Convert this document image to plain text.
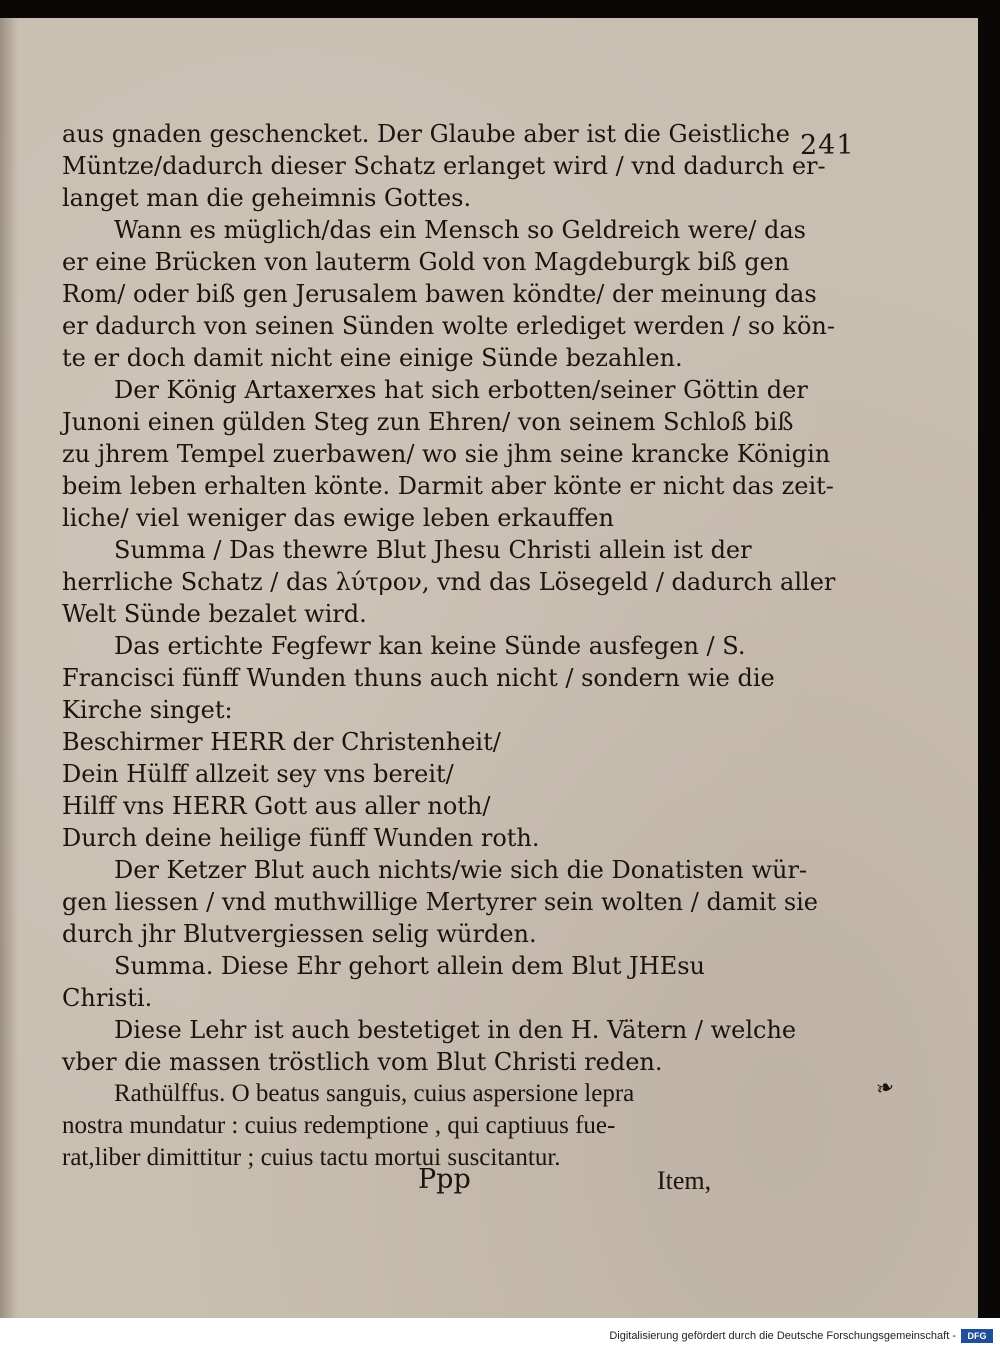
241
aus gnaden geschencket. Der Glaube aber ist die Geistliche
Müntze/dadurch dieser Schatz erlanget wird / vnd dadurch er-
langet man die geheimnis Gottes.
Wann es müglich/das ein Mensch so Geldreich were/ das
er eine Brücken von lauterm Gold von Magdeburgk biß gen
Rom/ oder biß gen Jerusalem bawen köndte/ der meinung das
er dadurch von seinen Sünden wolte erlediget werden / so kön-
te er doch damit nicht eine einige Sünde bezahlen.
Der König Artaxerxes hat sich erbotten/seiner Göttin der
Junoni einen gülden Steg zun Ehren/ von seinem Schloß biß
zu jhrem Tempel zuerbawen/ wo sie jhm seine krancke Königin
beim leben erhalten könte. Darmit aber könte er nicht das zeit-
liche/ viel weniger das ewige leben erkauffen
Summa / Das thewre Blut Jhesu Christi allein ist der
herrliche Schatz / das λύτρον, vnd das Lösegeld / dadurch aller
Welt Sünde bezalet wird.
Das ertichte Fegfewr kan keine Sünde ausfegen / S.
Francisci fünff Wunden thuns auch nicht / sondern wie die
Kirche singet:
Beschirmer HERR der Christenheit/
Dein Hülff allzeit sey vns bereit/
Hilff vns HERR Gott aus aller noth/
Durch deine heilige fünff Wunden roth.
Der Ketzer Blut auch nichts/wie sich die Donatisten wür-
gen liessen / vnd muthwillige Mertyrer sein wolten / damit sie
durch jhr Blutvergiessen selig würden.
Summa. Diese Ehr gehort allein dem Blut JHEsu
Christi.
Diese Lehr ist auch bestetiget in den H. Vätern / welche
vber die massen tröstlich vom Blut Christi reden.
Rathülffus. O beatus sanguis, cuius aspersione lepra
nostra mundatur : cuius redemptione , qui captiuus fue-
rat,liber dimittitur ; cuius tactu mortui suscitantur.
❧
Ppp	Item,
Digitalisierung gefördert durch die Deutsche Forschungsgemeinschaft -	DFG
